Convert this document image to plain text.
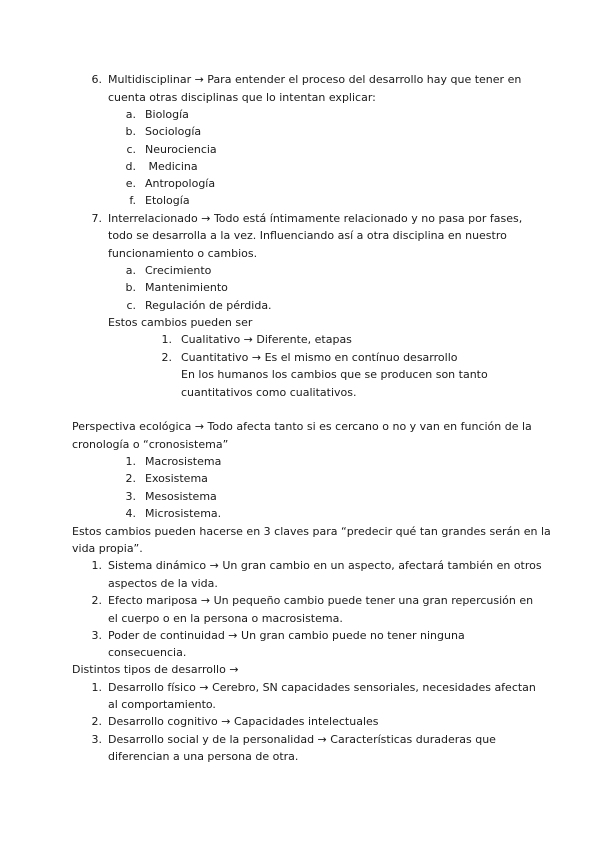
6. Multidisciplinar → Para entender el proceso del desarrollo hay que tener en
cuenta otras disciplinas que lo intentan explicar:
a. Biología
b. Sociología
c. Neurociencia
d. Medicina
e. Antropología
f. Etología
7. Interrelacionado → Todo está íntimamente relacionado y no pasa por fases,
todo se desarrolla a la vez. Influenciando así a otra disciplina en nuestro
funcionamiento o cambios.
a. Crecimiento
b. Mantenimiento
c. Regulación de pérdida.
Estos cambios pueden ser
1. Cualitativo → Diferente, etapas
2. Cuantitativo → Es el mismo en contínuo desarrollo
En los humanos los cambios que se producen son tanto
cuantitativos como cualitativos.
Perspectiva ecológica → Todo afecta tanto si es cercano o no y van en función de la
cronología o “cronosistema”
1. Macrosistema
2. Exosistema
3. Mesosistema
4. Microsistema.
Estos cambios pueden hacerse en 3 claves para “predecir qué tan grandes serán en la
vida propia”.
1. Sistema dinámico → Un gran cambio en un aspecto, afectará también en otros
aspectos de la vida.
2. Efecto mariposa → Un pequeño cambio puede tener una gran repercusión en
el cuerpo o en la persona o macrosistema.
3. Poder de continuidad → Un gran cambio puede no tener ninguna
consecuencia.
Distintos tipos de desarrollo →
1. Desarrollo físico → Cerebro, SN capacidades sensoriales, necesidades afectan
al comportamiento.
2. Desarrollo cognitivo → Capacidades intelectuales
3. Desarrollo social y de la personalidad → Características duraderas que
diferencian a una persona de otra.
